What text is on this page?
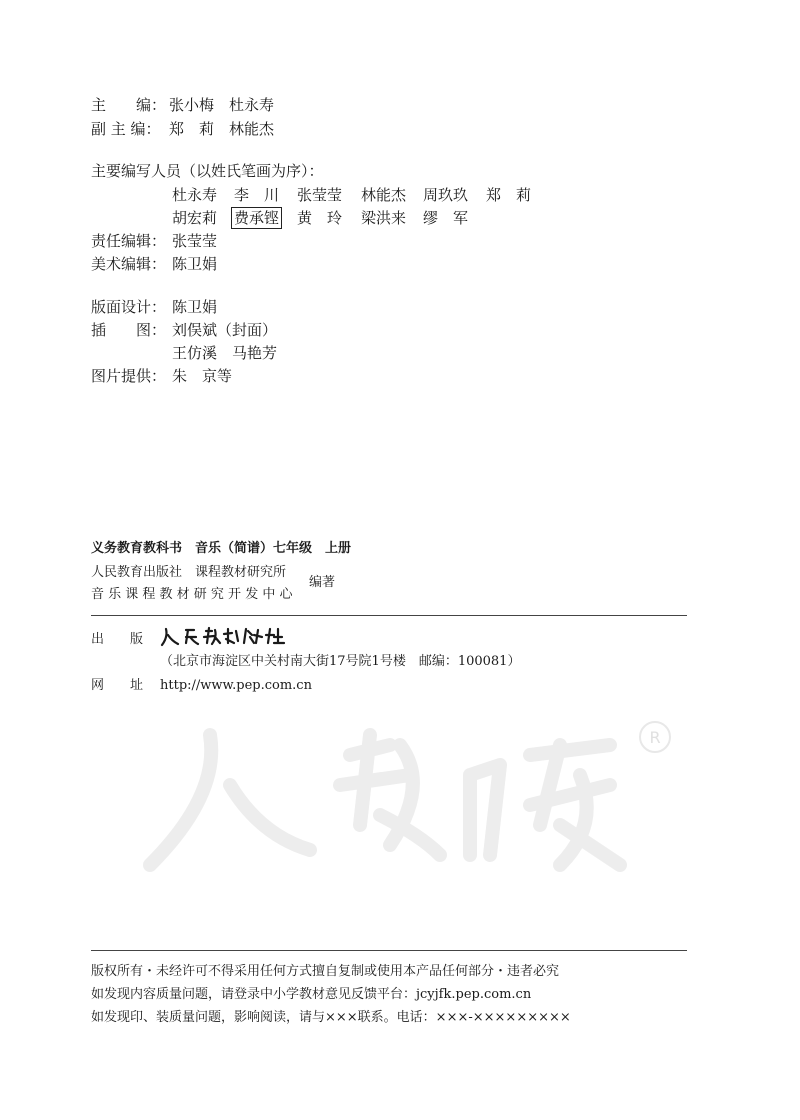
主　　编： 张小梅　杜永寿
副 主 编： 郑　莉　林能杰
主要编写人员（以姓氏笔画为序）：
杜永寿 李　川 张莹莹 林能杰 周玖玖 郑　莉
胡宏莉 费承铿 黄　玲 梁洪来 缪　军
责任编辑： 张莹莹
美术编辑： 陈卫娟
版面设计： 陈卫娟
插　　图： 刘俣斌（封面）
王仿溪　马艳芳
图片提供： 朱　京等
义务教育教科书　音乐（简谱）七年级　上册
人民教育出版社　课程教材研究所
音 乐 课 程 教 材 研 究 开 发 中 心
编著
出　　版
（北京市海淀区中关村南大街17号院1号楼　邮编：100081）
网　　址 http://www.pep.com.cn
R
版权所有・未经许可不得采用任何方式擅自复制或使用本产品任何部分・违者必究
如发现内容质量问题，请登录中小学教材意见反馈平台：jcyjfk.pep.com.cn
如发现印、装质量问题，影响阅读，请与×××联系。电话：×××-×××××××××
